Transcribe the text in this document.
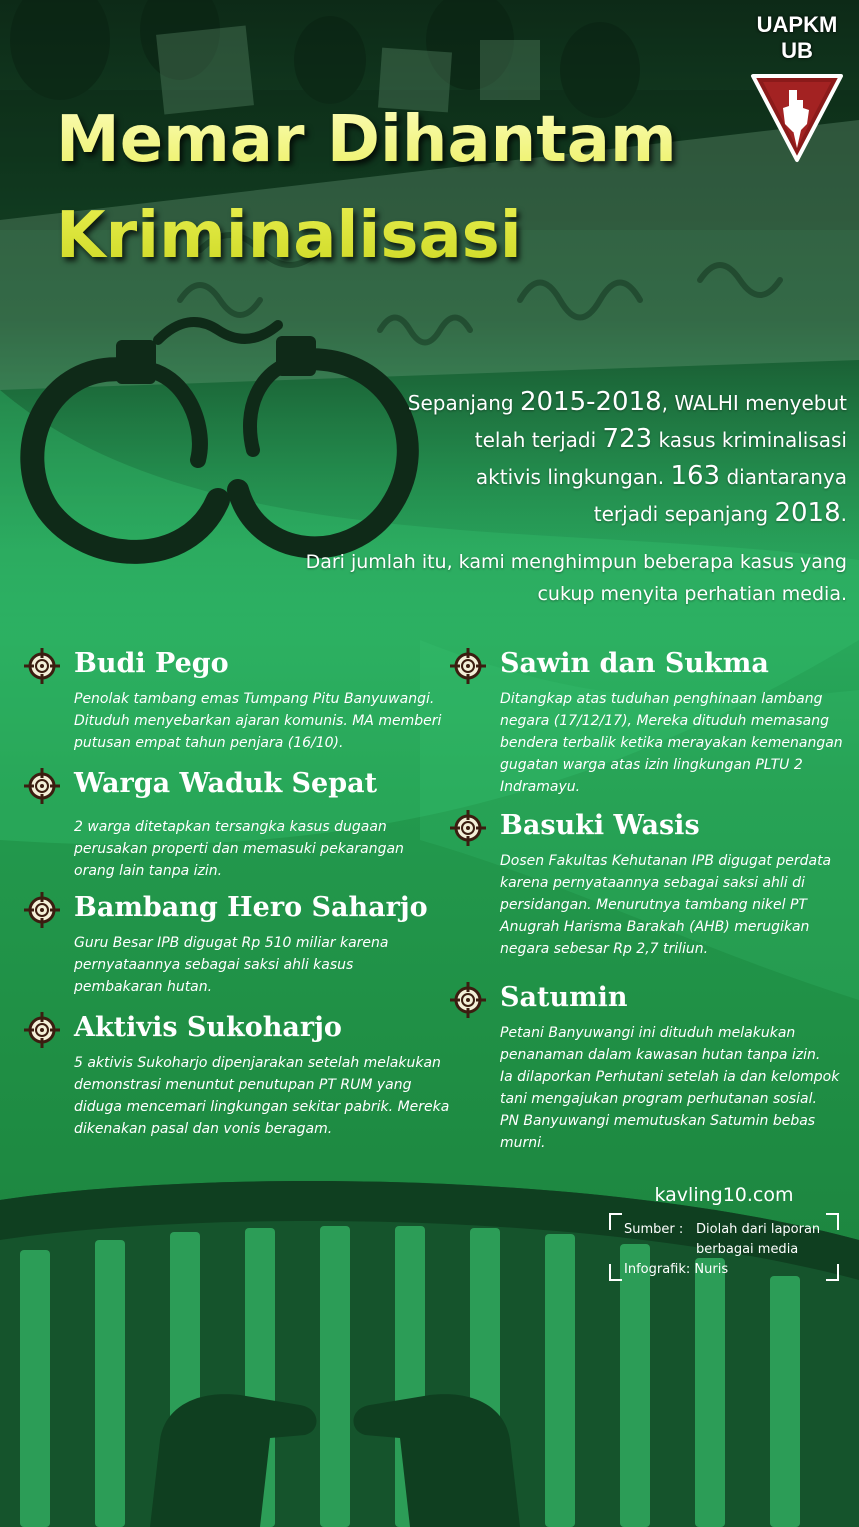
UAPKM UB
Memar Dihantam
Kriminalisasi
Sepanjang 2015-2018, WALHI menyebut
telah terjadi 723 kasus kriminalisasi
aktivis lingkungan. 163 diantaranya
terjadi sepanjang 2018.
Dari jumlah itu, kami menghimpun beberapa kasus yang
cukup menyita perhatian media.
Budi Pego
Penolak tambang emas Tumpang Pitu Banyuwangi.
Dituduh menyebarkan ajaran komunis. MA memberi
putusan empat tahun penjara (16/10).
Warga Waduk Sepat
2 warga ditetapkan tersangka kasus dugaan
perusakan properti dan memasuki pekarangan
orang lain tanpa izin.
Bambang Hero Saharjo
Guru Besar IPB digugat Rp 510 miliar karena
pernyataannya sebagai saksi ahli kasus
pembakaran hutan.
Aktivis Sukoharjo
5 aktivis Sukoharjo dipenjarakan setelah melakukan
demonstrasi menuntut penutupan PT RUM yang
diduga mencemari lingkungan sekitar pabrik. Mereka
dikenakan pasal dan vonis beragam.
Sawin dan Sukma
Ditangkap atas tuduhan penghinaan lambang
negara (17/12/17), Mereka dituduh memasang
bendera terbalik ketika merayakan kemenangan
gugatan warga atas izin lingkungan PLTU 2
Indramayu.
Basuki Wasis
Dosen Fakultas Kehutanan IPB digugat perdata
karena pernyataannya sebagai saksi ahli di
persidangan. Menurutnya tambang nikel PT
Anugrah Harisma Barakah (AHB) merugikan
negara sebesar Rp 2,7 triliun.
Satumin
Petani Banyuwangi ini dituduh melakukan
penanaman dalam kawasan hutan tanpa izin.
Ia dilaporkan Perhutani setelah ia dan kelompok
tani mengajukan program perhutanan sosial.
PN Banyuwangi memutuskan Satumin bebas
murni.

kavling10.com

Sumber : Diolah dari laporan

berbagai media

Infografik: Nuris
